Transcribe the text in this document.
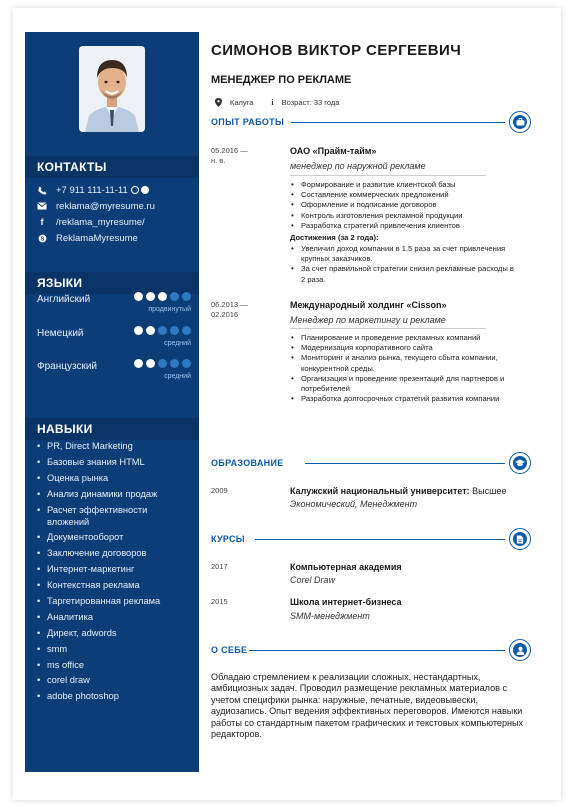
КОНТАКТЫ
+7 911 111-11-11
reklama@myresume.ru
f	/reklama_myresume/
S ReklamaMyresume
ЯЗЫКИ
Английский
продвинутый
Немецкий
средний
Французский
средний
НАВЫКИ
• PR, Direct Marketing
• Базовые знания HTML
• Оценка рынка
• Анализ динамики продаж
• Расчет эффективности вложений
• Документооборот
• Заключение договоров
• Интернет-маркетинг
• Контекстная реклама
• Таргетированная реклама
• Аналитика
• Директ, adwords
• smm
• ms office
• corel draw
• adobe photoshop
СИМОНОВ ВИКТОР СЕРГЕЕВИЧ
МЕНЕДЖЕР ПО РЕКЛАМЕ
Калуга i Возраст: 33 года
ОПЫТ РАБОТЫ
05.2016 —
н. в.
ОАО «Прайм-тайм»
менеджер по наружной рекламе
• Формирование и развитие клиентской базы
• Составление коммерческих предложений
• Оформление и подписание договоров
• Контроль изготовления рекламной продукции
• Разработка стратегий привлечения клиентов
Достижения (за 2 года):
• Увеличил доход компании в 1.5 раза за счет привлечения крупных заказчиков.
• За счет правильной стратегии снизил рекламные расходы в 2 раза.
06.2013 —
02.2016
Международный холдинг «Cisson»
Менеджер по маркетингу и рекламе
• Планирование и проведение рекламных компаний
• Модернизация корпоративного сайта
• Мониторинг и анализ рынка, текущего сбыта компании, конкурентной среды.
• Организация и проведение презентаций для партнеров и потребителей
• Разработка долгосрочных стратегий развития компании
ОБРАЗОВАНИЕ
2009	Калужский национальный университет: Высшее
Экономический, Менеджмент
КУРСЫ
2017	Компьютерная академия
Corel Draw
2015	Школа интернет-бизнеса
SMM-менеджмент
О СЕБЕ
Обладаю стремлением к реализации сложных, нестандартных, амбициозных задач. Проводил размещение рекламных материалов с учетом специфики рынка: наружные, печатные, видеовывески, аудиозапись. Опыт ведения эффективных переговоров. Имеются навыки работы со стандартным пакетом графических и текстовых компьютерных редакторов.
